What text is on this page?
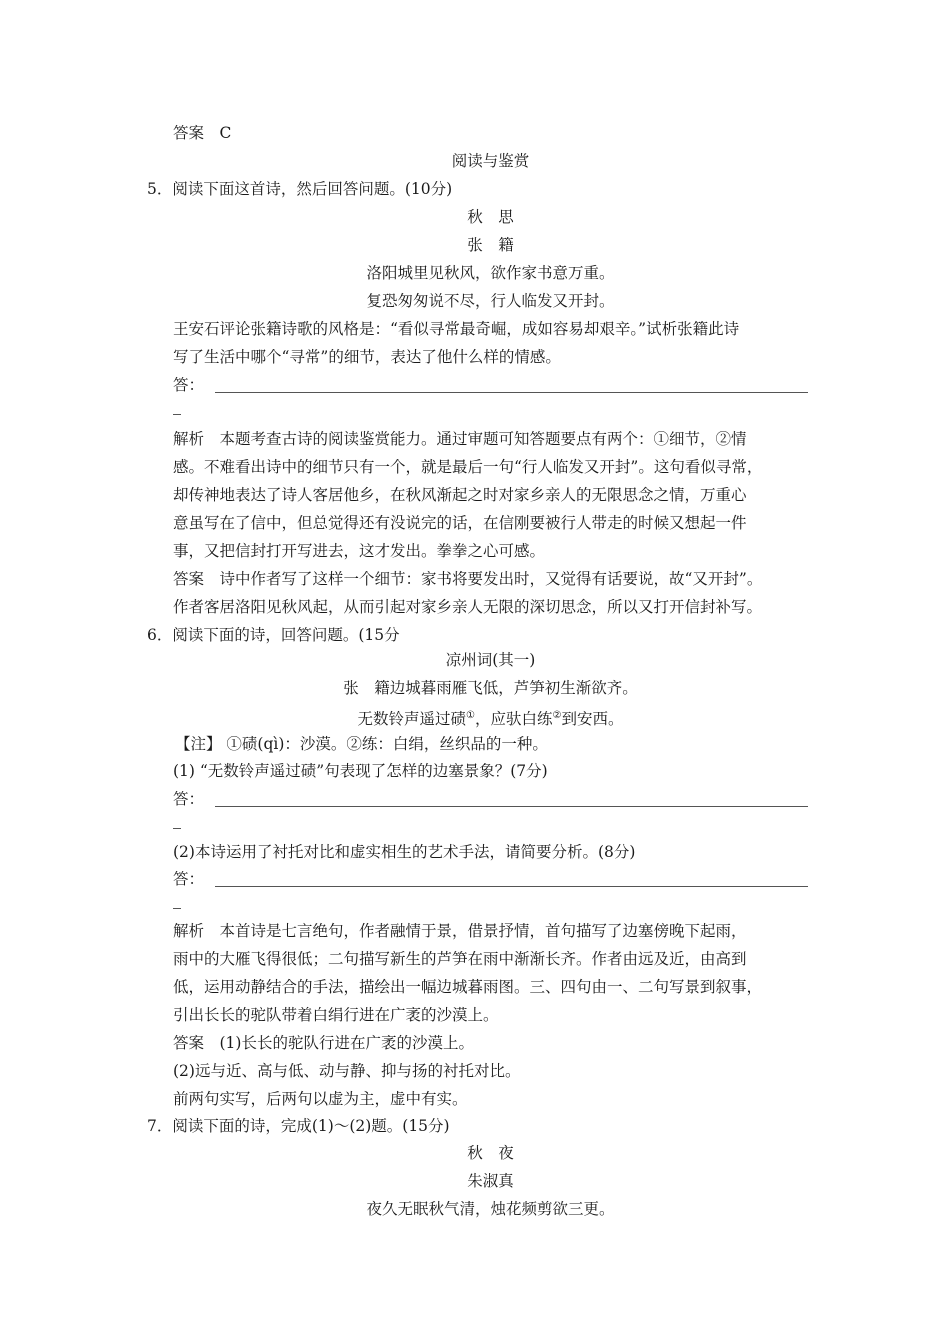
答案　C
阅读与鉴赏
5．阅读下面这首诗，然后回答问题。(10分)
秋　思
张　籍
洛阳城里见秋风，欲作家书意万重。
复恐匆匆说不尽，行人临发又开封。
王安石评论张籍诗歌的风格是：“看似寻常最奇崛，成如容易却艰辛。”试析张籍此诗
写了生活中哪个“寻常”的细节，表达了他什么样的情感。
答：
解析　本题考查古诗的阅读鉴赏能力。通过审题可知答题要点有两个：①细节，②情
感。不难看出诗中的细节只有一个，就是最后一句“行人临发又开封”。这句看似寻常，
却传神地表达了诗人客居他乡，在秋风渐起之时对家乡亲人的无限思念之情，万重心
意虽写在了信中，但总觉得还有没说完的话，在信刚要被行人带走的时候又想起一件
事，又把信封打开写进去，这才发出。拳拳之心可感。
答案　诗中作者写了这样一个细节：家书将要发出时，又觉得有话要说，故“又开封”。
作者客居洛阳见秋风起，从而引起对家乡亲人无限的深切思念，所以又打开信封补写。
6．阅读下面的诗，回答问题。(15分
凉州词(其一)
张　籍边城暮雨雁飞低，芦笋初生渐欲齐。
无数铃声遥过碛①，应驮白练②到安西。
【注】 ①碛(qì)：沙漠。②练：白绢，丝织品的一种。
(1) “无数铃声遥过碛”句表现了怎样的边塞景象？(7分)
答：
(2)本诗运用了衬托对比和虚实相生的艺术手法，请简要分析。(8分)
答：
解析　本首诗是七言绝句，作者融情于景，借景抒情，首句描写了边塞傍晚下起雨，
雨中的大雁飞得很低；二句描写新生的芦笋在雨中渐渐长齐。作者由远及近，由高到
低，运用动静结合的手法，描绘出一幅边城暮雨图。三、四句由一、二句写景到叙事，
引出长长的驼队带着白绢行进在广袤的沙漠上。
答案　(1)长长的驼队行进在广袤的沙漠上。
(2)远与近、高与低、动与静、抑与扬的衬托对比。
前两句实写，后两句以虚为主，虚中有实。
7．阅读下面的诗，完成(1)～(2)题。(15分)
秋　夜
朱淑真
夜久无眠秋气清，烛花频剪欲三更。
